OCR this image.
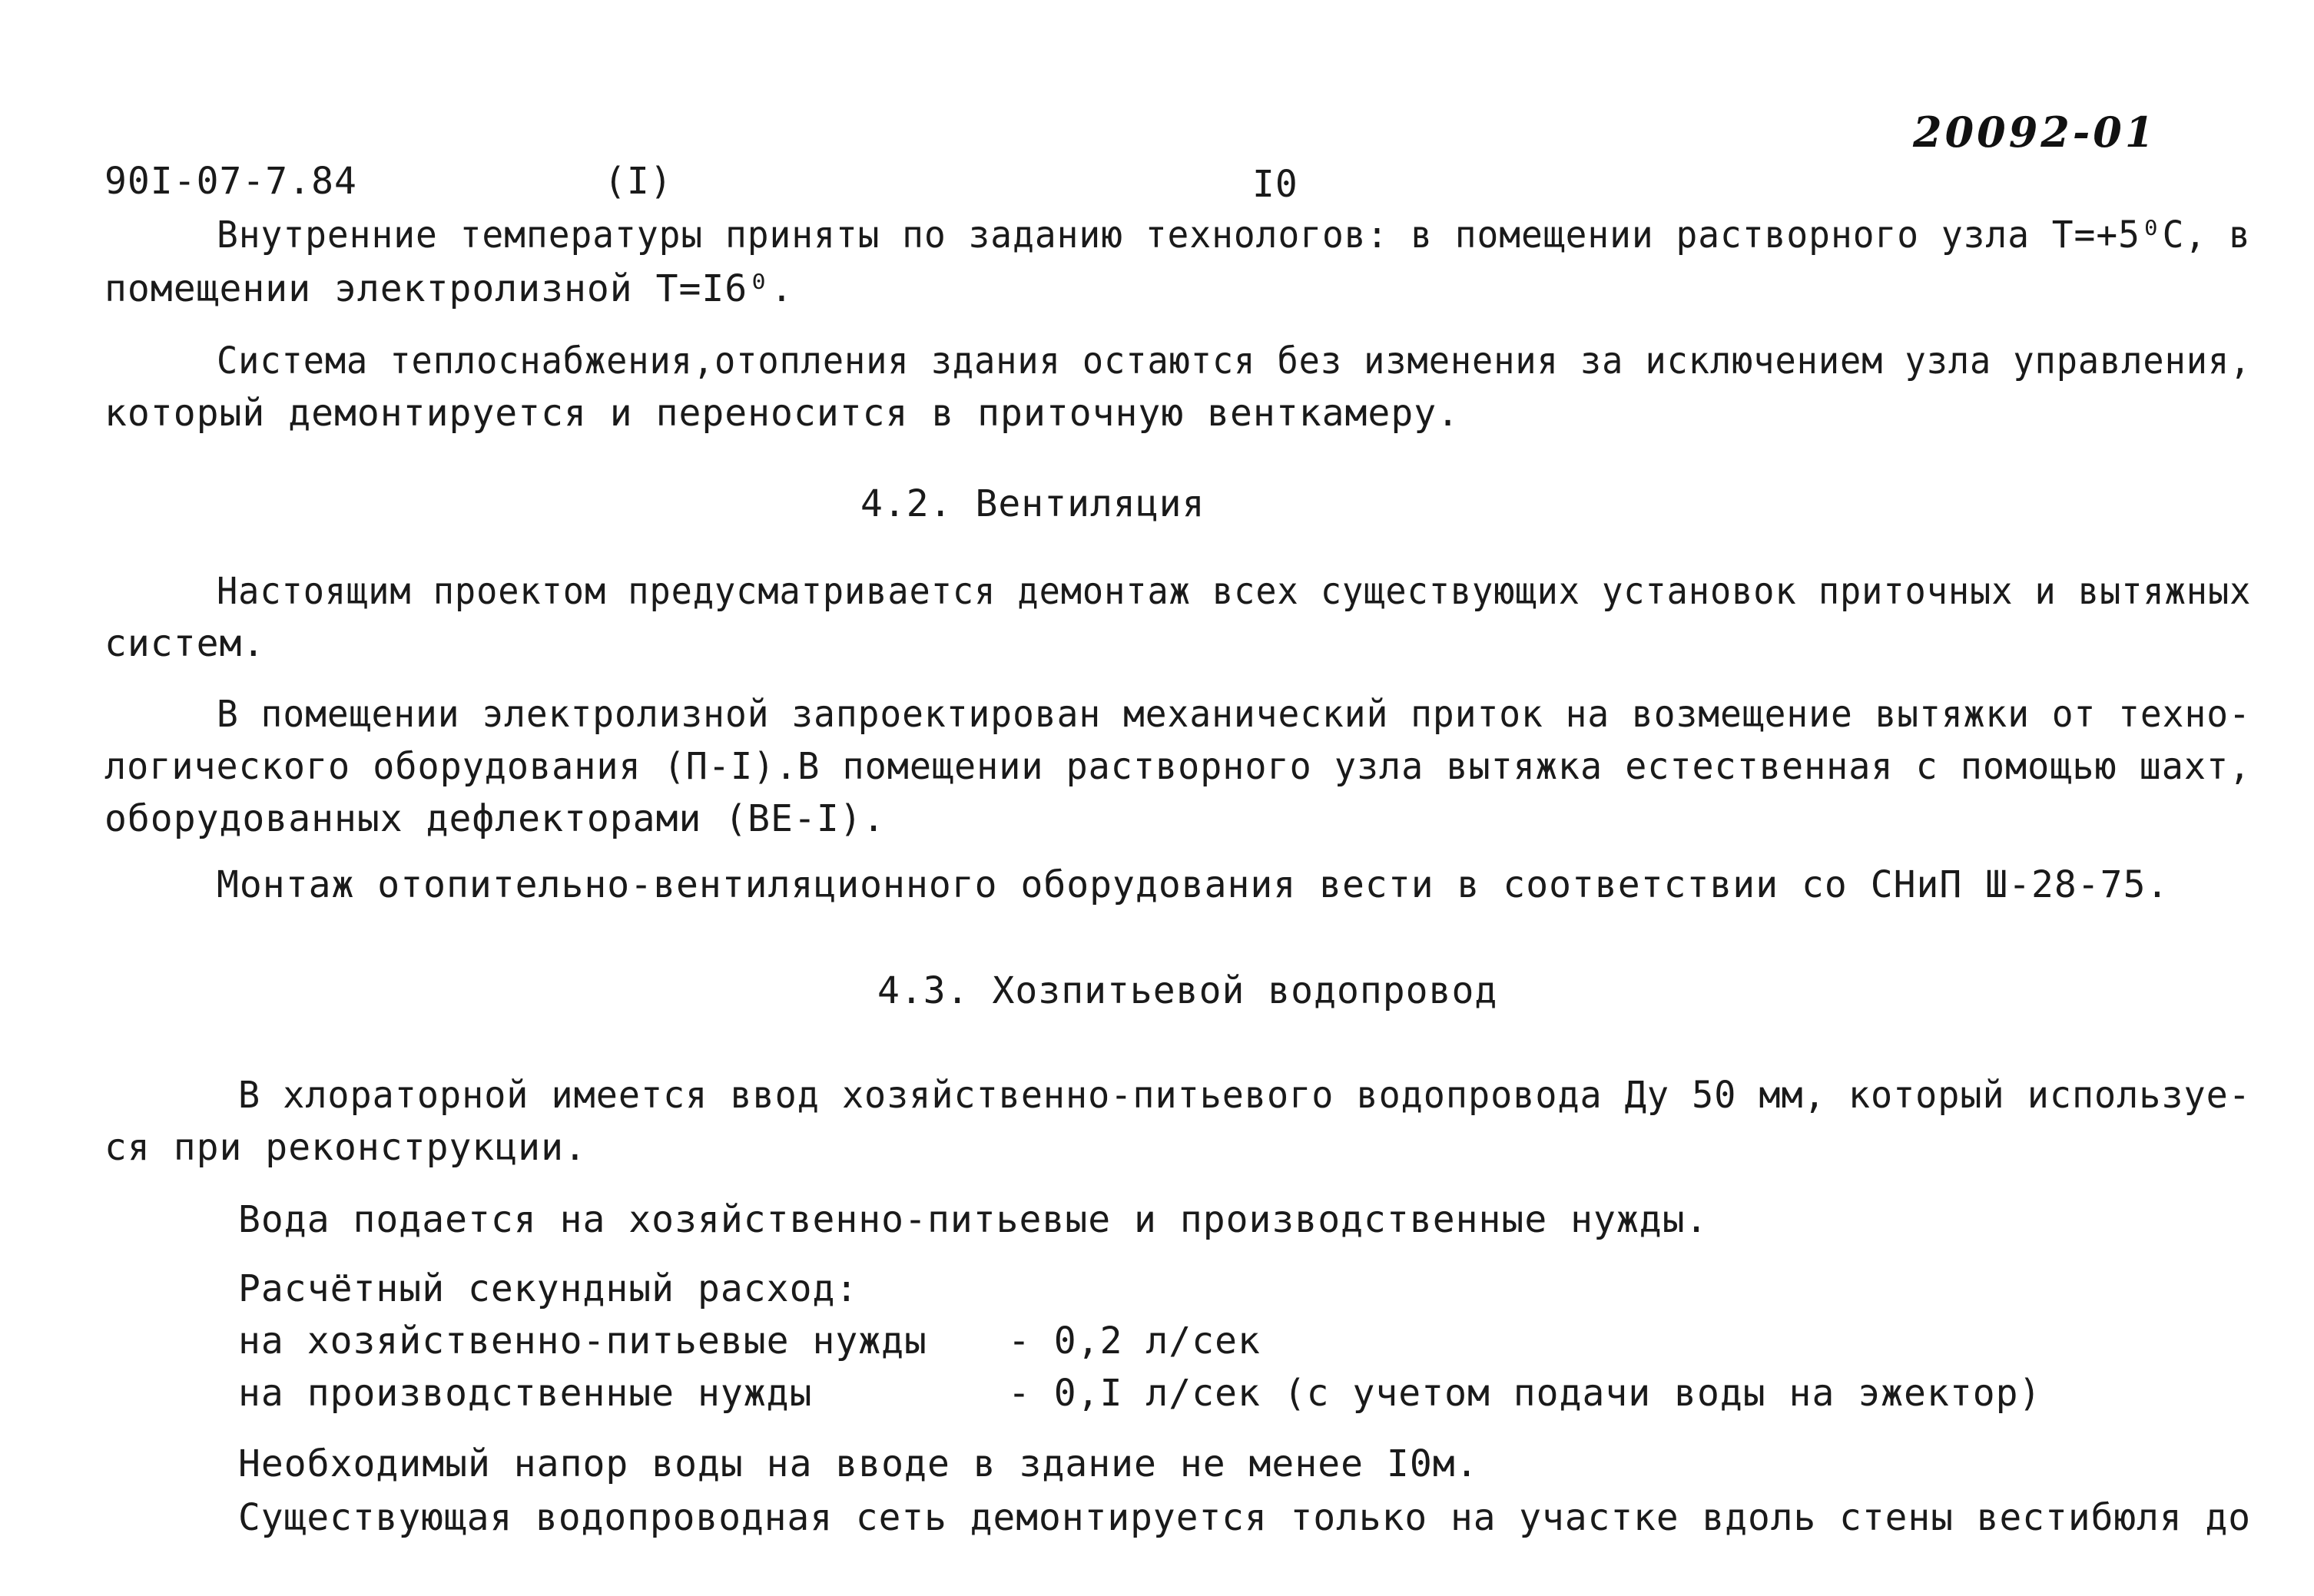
20092-01
90I-07-7.84	(I)	I0
Внутренние температуры приняты по заданию технологов: в помещении растворного узла Т=+5⁰С, в
помещении электролизной Т=I6⁰.
Система теплоснабжения,отопления здания остаются без изменения за исключением узла управления,
который демонтируется и переносится в приточную венткамеру.
4.2. Вентиляция
Настоящим проектом предусматривается демонтаж всех существующих установок приточных и вытяжных
систем.
В помещении электролизной запроектирован механический приток на возмещение вытяжки от техно-
логического оборудования (П-I).В помещении растворного узла вытяжка естественная с помощью шахт,
оборудованных дефлекторами (ВЕ-I).
Монтаж отопительно-вентиляционного оборудования вести в соответствии со СНиП Ш-28-75.
4.3. Хозпитьевой водопровод
В хлораторной имеется ввод хозяйственно-питьевого водопровода Ду 50 мм, который используе-
ся при реконструкции.
Вода подается на хозяйственно-питьевые и производственные нужды.
Расчётный секундный расход:
на хозяйственно-питьевые нужды - 0,2 л/сек
на производственные нужды	- 0,I л/сек (с учетом подачи воды на эжектор)
Необходимый напор воды на вводе в здание не менее I0м.
Существующая водопроводная сеть демонтируется только на участке вдоль стены вестибюля до
